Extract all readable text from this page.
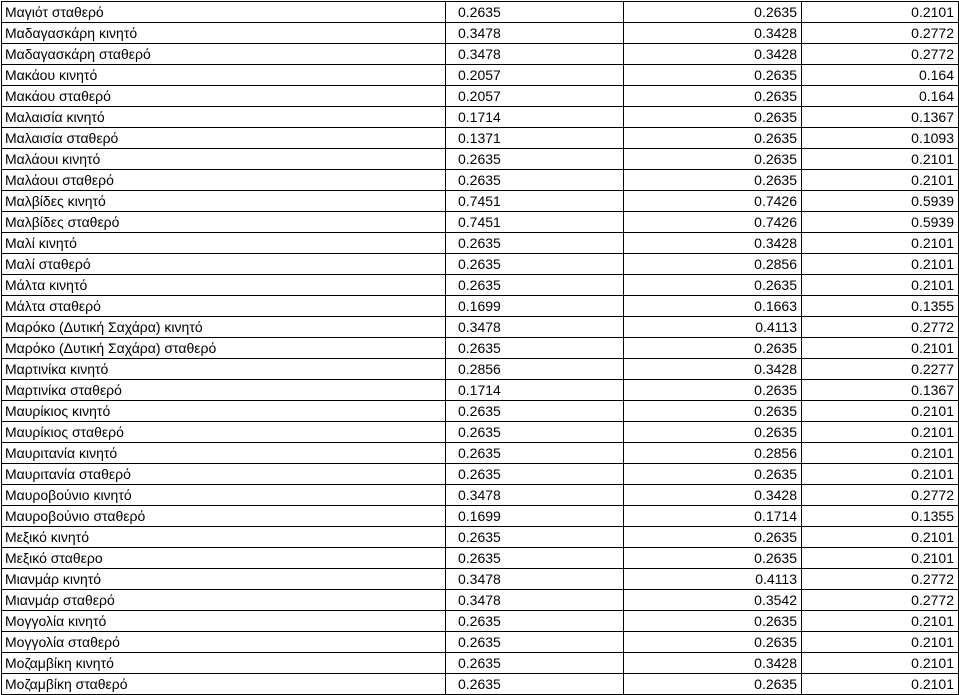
Μαγιότ σταθερό	0.2635	0.2635	0.2101
Μαδαγασκάρη κινητό	0.3478	0.3428	0.2772
Μαδαγασκάρη σταθερό	0.3478	0.3428	0.2772
Μακάου κινητό	0.2057	0.2635	0.164
Μακάου σταθερό	0.2057	0.2635	0.164
Μαλαισία κινητό	0.1714	0.2635	0.1367
Μαλαισία σταθερό	0.1371	0.2635	0.1093
Μαλάουι κινητό	0.2635	0.2635	0.2101
Μαλάουι σταθερό	0.2635	0.2635	0.2101
Μαλβίδες κινητό	0.7451	0.7426	0.5939
Μαλβίδες σταθερό	0.7451	0.7426	0.5939
Μαλί κινητό	0.2635	0.3428	0.2101
Μαλί σταθερό	0.2635	0.2856	0.2101
Μάλτα κινητό	0.2635	0.2635	0.2101
Μάλτα σταθερό	0.1699	0.1663	0.1355
Μαρόκο (Δυτική Σαχάρα) κινητό	0.3478	0.4113	0.2772
Μαρόκο (Δυτική Σαχάρα) σταθερό	0.2635	0.2635	0.2101
Μαρτινίκα κινητό	0.2856	0.3428	0.2277
Μαρτινίκα σταθερό	0.1714	0.2635	0.1367
Μαυρίκιος κινητό	0.2635	0.2635	0.2101
Μαυρίκιος σταθερό	0.2635	0.2635	0.2101
Μαυριτανία κινητό	0.2635	0.2856	0.2101
Μαυριτανία σταθερό	0.2635	0.2635	0.2101
Μαυροβούνιο κινητό	0.3478	0.3428	0.2772
Μαυροβούνιο σταθερό	0.1699	0.1714	0.1355
Μεξικό κινητό	0.2635	0.2635	0.2101
Μεξικό σταθερο	0.2635	0.2635	0.2101
Μιανμάρ κινητό	0.3478	0.4113	0.2772
Μιανμάρ σταθερό	0.3478	0.3542	0.2772
Μογγολία κινητό	0.2635	0.2635	0.2101
Μογγολία σταθερό	0.2635	0.2635	0.2101
Μοζαμβίκη κινητό	0.2635	0.3428	0.2101
Μοζαμβίκη σταθερό	0.2635	0.2635	0.2101
